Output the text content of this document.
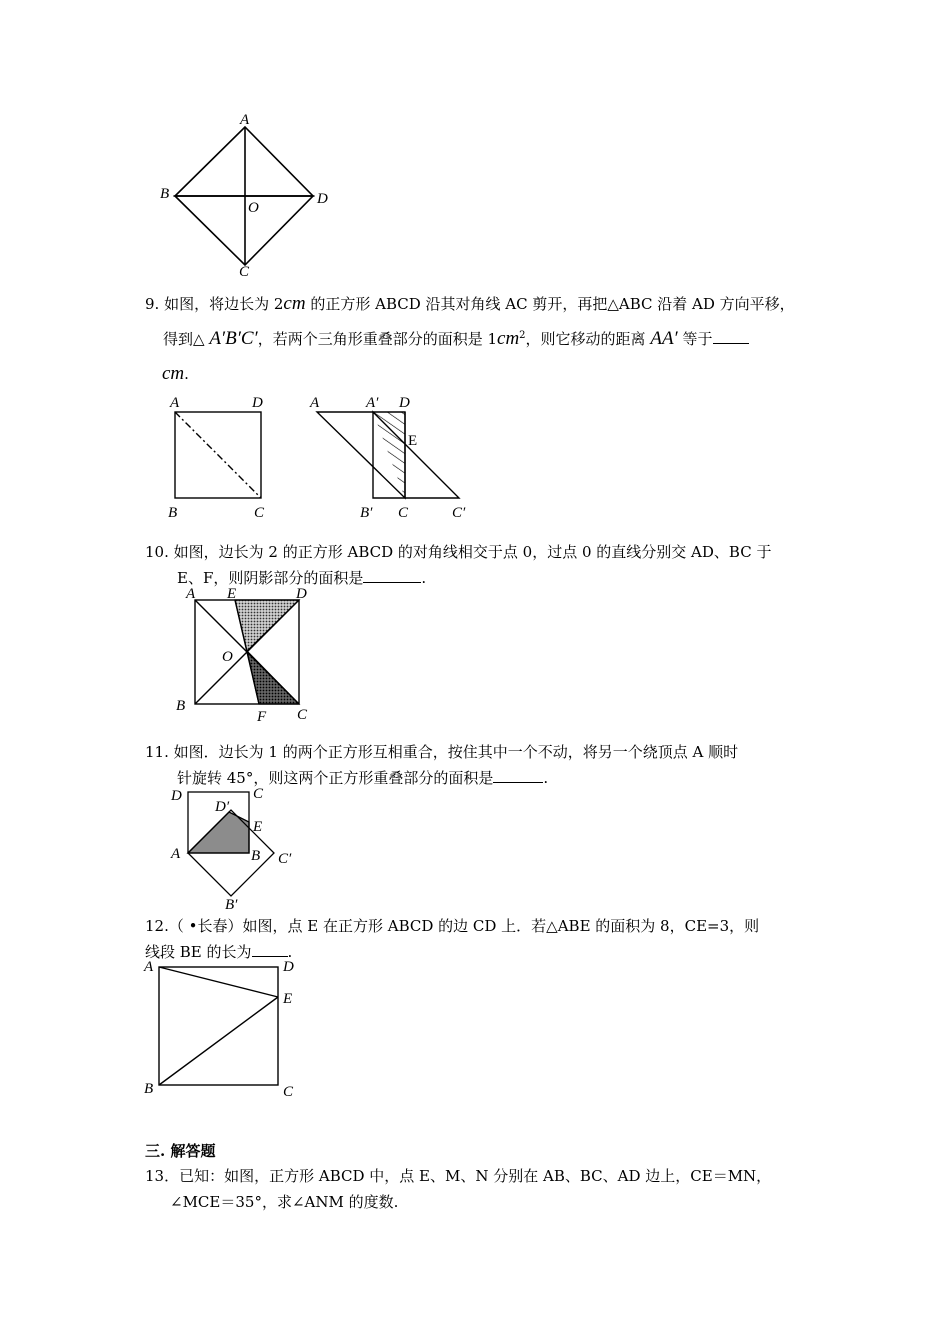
A
B	D
O
C
9. 如图，将边长为 2cm 的正方形 ABCD 沿其对角线 AC 剪开，再把△ABC 沿着 AD 方向平移，
得到△ A′B′C′，若两个三角形重叠部分的面积是 $1cm^2$，则它移动的距离 AA′ 等于
cm.
A	D
B	C
A	A′ D
E
B′ C	C′
10. 如图，边长为 2 的正方形 ABCD 的对角线相交于点 0，过点 0 的直线分别交 AD、BC 于
E、F，则阴影部分的面积是	.
A E	D
O
B
F C
11. 如图．边长为 1 的两个正方形互相重合，按住其中一个不动，将另一个绕顶点 A 顺时
针旋转 45°，则这两个正方形重叠部分的面积是	.
D
D′
C
E
A	B C′
B′
12.（ •长春）如图，点 E 在正方形 ABCD 的边 CD 上．若△ABE 的面积为 8，CE=3，则
线段 BE 的长为 .
A	D
E
B	C
三. 解答题
13．已知：如图，正方形 ABCD 中，点 E、M、N 分别在 AB、BC、AD 边上，CE＝MN，
∠MCE＝35°，求∠ANM 的度数.
